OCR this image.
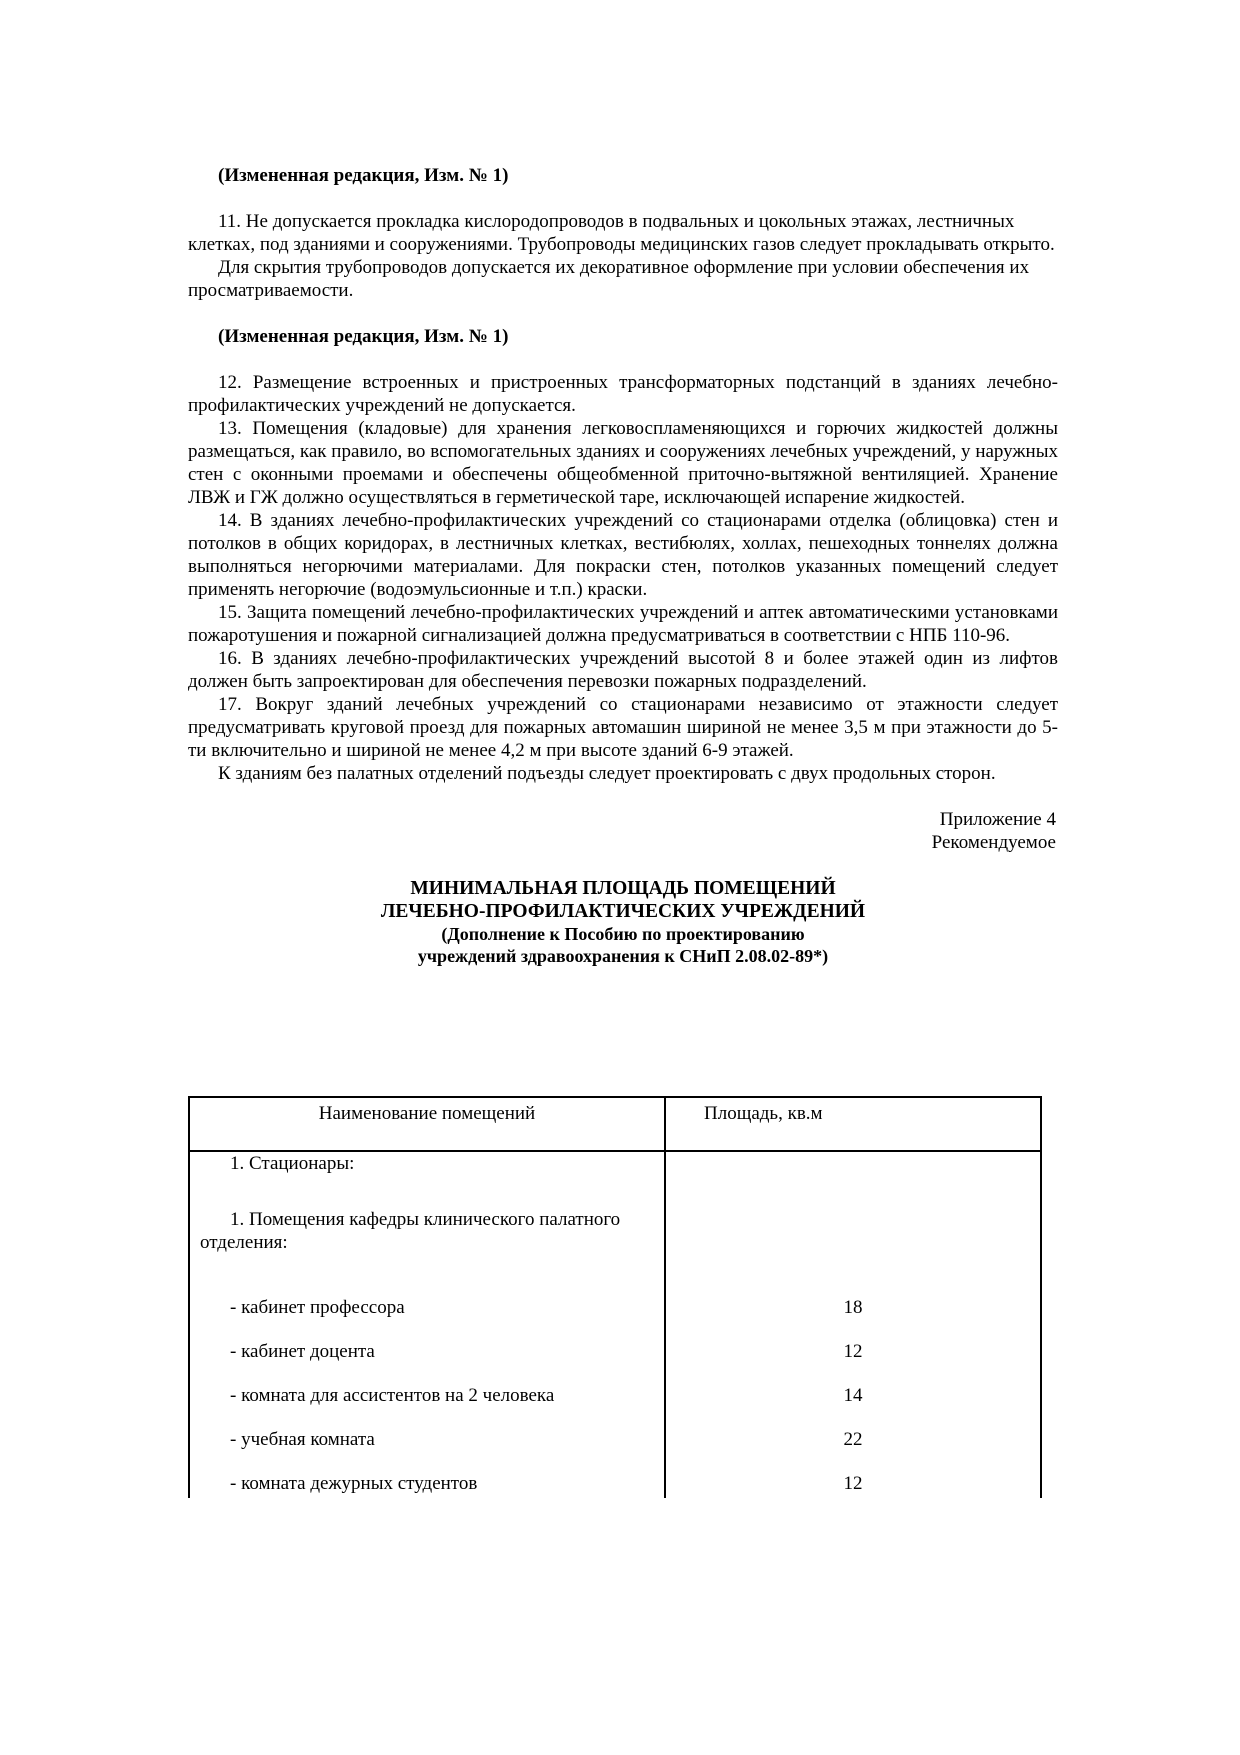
(Измененная редакция, Изм. № 1)

11. Не допускается прокладка кислородопроводов в подвальных и цокольных этажах, лестничных клетках, под зданиями и сооружениями. Трубопроводы медицинских газов следует прокладывать открыто.

Для скрытия трубопроводов допускается их декоративное оформление при условии обеспечения их просматриваемости.

(Измененная редакция, Изм. № 1)

12. Размещение встроенных и пристроенных трансформаторных подстанций в зданиях лечебно-профилактических учреждений не допускается.

13. Помещения (кладовые) для хранения легковоспламеняющихся и горючих жидкостей должны размещаться, как правило, во вспомогательных зданиях и сооружениях лечебных учреждений, у наружных стен с оконными проемами и обеспечены общеобменной приточно-вытяжной вентиляцией. Хранение ЛВЖ и ГЖ должно осуществляться в герметической таре, исключающей испарение жидкостей.

14. В зданиях лечебно-профилактических учреждений со стационарами отделка (облицовка) стен и потолков в общих коридорах, в лестничных клетках, вестибюлях, холлах, пешеходных тоннелях должна выполняться негорючими материалами. Для покраски стен, потолков указанных помещений следует применять негорючие (водоэмульсионные и т.п.) краски.

15. Защита помещений лечебно-профилактических учреждений и аптек автоматическими установками пожаротушения и пожарной сигнализацией должна предусматриваться в соответствии с НПБ 110-96.

16. В зданиях лечебно-профилактических учреждений высотой 8 и более этажей один из лифтов должен быть запроектирован для обеспечения перевозки пожарных подразделений.

17. Вокруг зданий лечебных учреждений со стационарами независимо от этажности следует предусматривать круговой проезд для пожарных автомашин шириной не менее 3,5 м при этажности до 5-ти включительно и шириной не менее 4,2 м при высоте зданий 6-9 этажей.

К зданиям без палатных отделений подъезды следует проектировать с двух продольных сторон.

Приложение 4
Рекомендуемое
МИНИМАЛЬНАЯ ПЛОЩАДЬ ПОМЕЩЕНИЙ
ЛЕЧЕБНО-ПРОФИЛАКТИЧЕСКИХ УЧРЕЖДЕНИЙ
(Дополнение к Пособию по проектированию
учреждений здравоохранения к СНиП 2.08.02-89*)
Наименование помещений	Площадь, кв.м
1. Стационары:	
1. Помещения кафедры клинического палатного отделения:	
- кабинет профессора	18
- кабинет доцента	12
- комната для ассистентов на 2 человека	14
- учебная комната	22
- комната дежурных студентов	12
